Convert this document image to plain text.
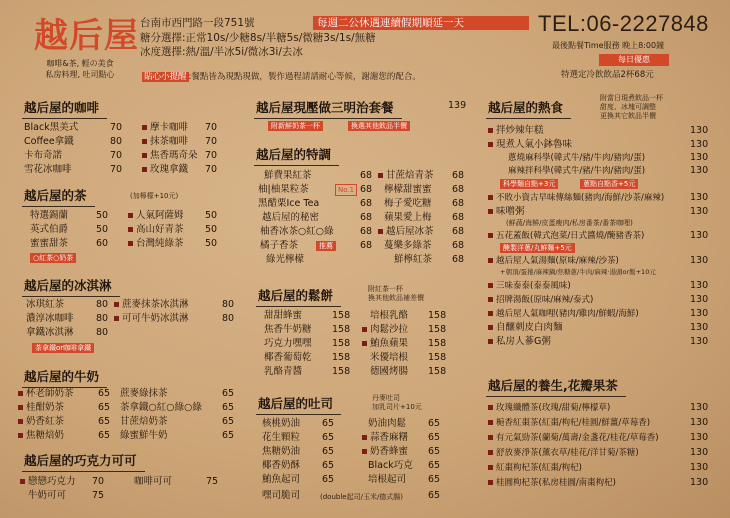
越后屋
咖啡&茶, 輕の美食
私房料理, 吐司點心
台南市西門路一段751號	每週二公休遇連續假期順延一天
糖分選擇:正常10s/少糖8s/半糖5s/微糖3s/1s/無糖
冰度選擇:熱/溫/半冰5i/微冰3i/去冰
貼心小提醒 :餐點皆為現點現做，製作過程請請耐心等候，謝謝您的配合。
TEL:06-2227848
最後點餐Time服務 晚上8:00鐘
每日優惠
特選定冷飲飲品2杯68元
越后屋的咖啡
Black黑美式	70
Coffee拿鐵	80
卡布奇諾	70
雪花冰咖啡	70
摩卡咖啡 70
抹茶咖啡 70
焦香瑪奇朵 70
玫瑰拿鐵 70
越后屋的茶	(加檸檬+10元)
特選錫蘭	50
英式伯爵	50
蜜蜜甜茶	60
人氣阿薩姆 50
高山好青茶 50
台灣純綠茶 50
○紅茶○奶茶
越后屋的冰淇淋
冰琪紅茶	80
濃淳冰咖啡 80
拿鐵冰淇淋 80
蔗麥抹茶冰淇淋	80
可可牛奶冰淇淋	80
茶拿鐵or咖啡拿鐵
越后屋的牛奶
杯老師奶茶	65
桂酣奶茶	65
奶香紅茶	65
焦糖焙奶	65
蔗麥綠抹茶	65
茶拿鐵○紅○綠○綠 65
甘蔗焙奶茶	65
綠蜜鮮牛奶	65
越后屋的巧克力可可
戀戀巧克力 70
牛奶可可	75
咖啡可可	75
越后屋現壓做三明治套餐	139
附新鮮奶茶一杯	換選其他飲品半價
越后屋的特調
鮮費果紅茶	68
柚|柚果粒茶	No.1 68
黑醋栗Ice Tea	68
越后屋的秘密	68
柚香冰茶○紅○綠	68
橘子香茶	推薦	68
綠光檸檬
甘蔗焙青茶 68
檸檬甜蜜蜜 68
梅子愛吃糖 68
蘋果愛上梅 68
越后屋冰茶 68
蔓樂多綠茶 68
鮮檸紅茶 68
越后屋的鬆餅	附紅茶一杯
換其他飲品補差價
甜甜蜂蜜	158
焦香牛奶糖 158
巧克力嘿嘿 158
椰香葡萄乾 158
乳酪青醬	158
培根乳酪 158
肉鬆沙拉 158
鮪魚蘋果 158
米優培根 158
德國烤腸 158
越后屋的吐司	丹麥吐司
加乳司片+10元
核桃奶油 65
花生顆粒 65
焦糖奶油 65
椰香奶酥 65
鮪魚起司 65
嘿司脆司	(double起司/玉米/德式腸)	65
奶油肉鬆 65
蒜香麻糬 65
奶香蜂蜜 65
Black巧克 65
培根起司 65
越后屋的熱食
附當日現煮飲品一杯
甜度、冰塊可調整
更換其它飲品半價
拌炒辣年糕	130
現煮人氣小鉢魯味	130
蔥燒麻科學(韓式牛/豬/牛肉/豬肉/蛋)	130
麻辣拌科學(韓式牛/豬/牛肉/豬肉/蛋)	130
科學麵自點+3元	蔥點自點香+5元
不敗小資古早味傳絲麵(豬肉/海鮮/沙茶/麻辣)	130
味噌粥	130
(鮮蔬/海鮮/皮蛋瘦肉/私房番茶/番茶咖哩)
五花蓋飯(韓式泡菜/日式醬燒/醃豬香茶)	130
醃製洋蔥/丸鮮麵+5元
越后屋人氣湯麵(原味/麻辣/沙茶)	130
+朝頂/蛋捲/麻辣鍋/焦糖蔥/牛肉/麻辣·湯頭or飯+10元
三味泰泰(泰泰風味)	130
招牌湯飯(原味/麻辣/泰式)	130
越后屋人氣咖哩(豬肉/雞肉/鮮蝦/海鮮)	130
自釀刺皮白肉麵	130
私房人蔘G粥	130
越后屋的養生,花瓣果茶
玫瑰纖體茶(玫瑰/甜菊/檸檬草)	130
梔香紅棗茶(紅棗/枸杞/桂圓/鮮薑/草莓香)	130
有元氣勁茶(蘭菊/萬壽/金盞花/桂花/草莓香)	130
舒放麥淨茶(薰衣草/桂花/洋甘菊/茶糖)	130
紅棗枸杞茶(紅棗/枸杞)	130
桂圓枸杞茶(私房桂圓/南棗枸杞)	130
